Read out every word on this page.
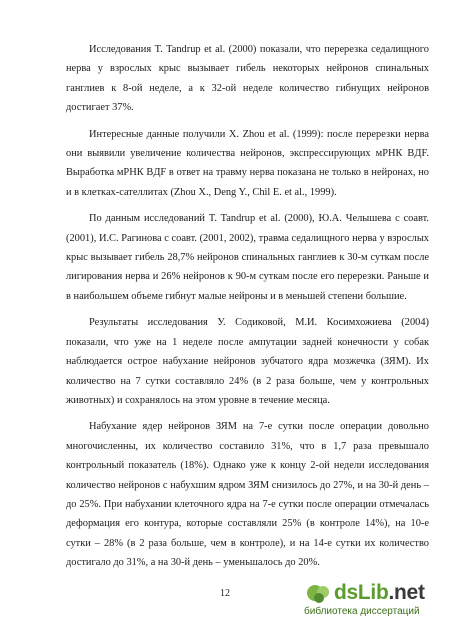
Исследования T. Tandrup et al. (2000) показали, что перерезка седалищного нерва у взрослых крыс вызывает гибель некоторых нейронов спинальных ганглиев к 8-ой неделе, а к 32-ой неделе количество гибнущих нейронов достигает 37%.

Интересные данные получили X. Zhou et al. (1999): после перерезки нерва они выявили увеличение количества нейронов, экспрессирующих мРНК BДF. Выработка мРНК BДF в ответ на травму нерва показана не только в нейронах, но и в клетках-сателлитах (Zhou X., Deng Y., Chil E. et al., 1999).

По данным исследований T. Tandrup et al. (2000), Ю.А. Челышева с соавт. (2001), И.С. Рагинова с соавт. (2001, 2002), травма седалищного нерва у взрослых крыс вызывает гибель 28,7% нейронов спинальных ганглиев к 30-м суткам после лигирования нерва и 26% нейронов к 90-м суткам после его перерезки. Раньше и в наибольшем объеме гибнут малые нейроны и в меньшей степени большие.

Результаты исследования У. Содиковой, М.И. Косимхожиева (2004) показали, что уже на 1 неделе после ампутации задней конечности у собак наблюдается острое набухание нейронов зубчатого ядра мозжечка (ЗЯМ). Их количество на 7 сутки составляло 24% (в 2 раза больше, чем у контрольных животных) и сохранялось на этом уровне в течение месяца.

Набухание ядер нейронов ЗЯМ на 7-е сутки после операции довольно многочисленны, их количество составило 31%, что в 1,7 раза превышало контрольный показатель (18%). Однако уже к концу 2-ой недели исследования количество нейронов с набухшим ядром ЗЯМ снизилось до 27%, и на 30-й день – до 25%. При набухании клеточного ядра на 7-е сутки после операции отмечалась деформация его контура, которые составляли 25% (в контроле 14%), на 10-е сутки – 28% (в 2 раза больше, чем в контроле), и на 14-е сутки их количество достигало до 31%, а на 30-й день – уменьшалось до 20%.

12	dsLib.net
библиотека диссертаций
